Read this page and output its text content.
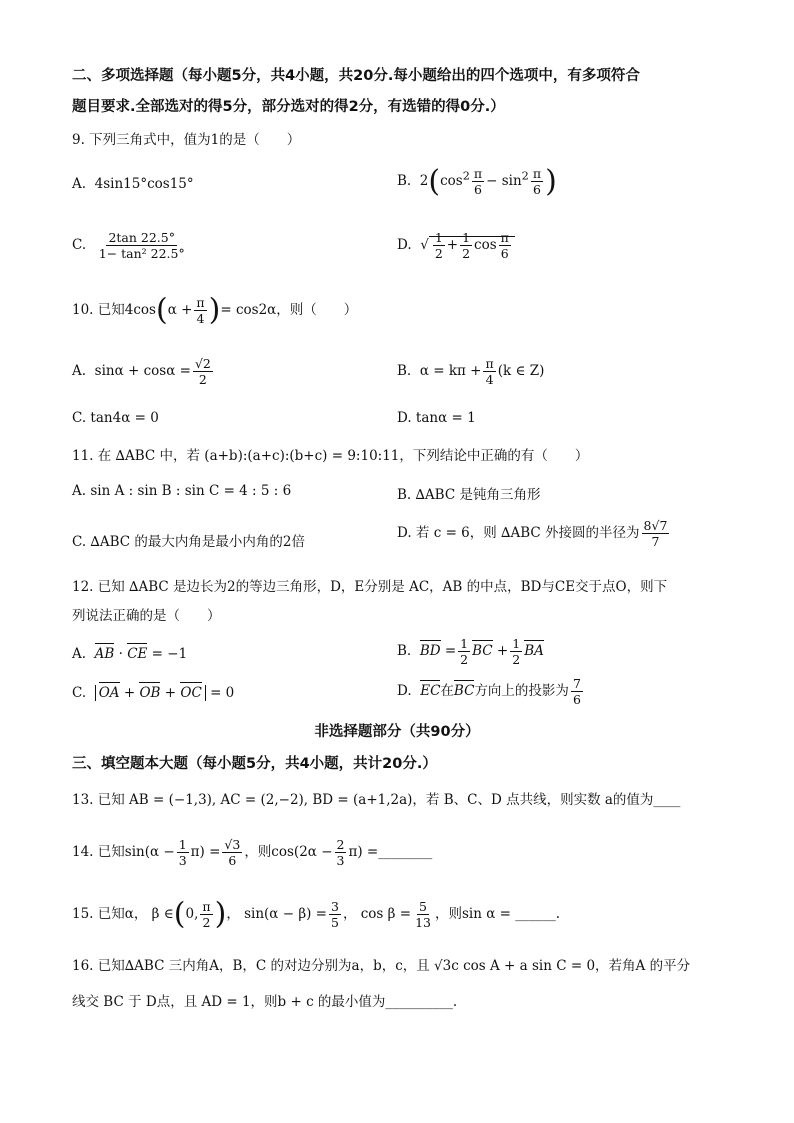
二、多项选择题（每小题5分，共4小题，共20分.每小题给出的四个选项中，有多项符合
题目要求.全部选对的得5分，部分选对的得2分，有选错的得0分.）
9. 下列三角式中，值为1的是（　　）
A. 4sin15°cos15°	B.  $2(\cos^2 \frac{\pi}{6} - \sin^2 \frac{\pi}{6}$ )
C. $\frac{2\tan 22.5^\circ}{\text{1− tan² 22.5°}}$	D.  √ $\frac{1}{2} + \frac{1}{2}$ $\cos \frac{\pi}{6}$
10. 已知$4\cos(\alpha + \frac{\pi}{4}$ )= cos2α，则（　　）
A. $\sin\alpha + \cos\alpha = \frac{√2}{2}$	B. $\alpha = k\pi + \frac{\pi}{4} (k$ ∈ Z)
C. tan4α = 0	D. tanα = 1
11. 在 ∆ABC 中，若 (a+b):(a+c):(b+c) = 9:10:11，下列结论中正确的有（　　）
A. sin A : sin B : sin C = 4 : 5 : 6	B. ∆ABC 是钝角三角形
C. ∆ABC 的最大内角是最小内角的2倍
D. 若 c = 6，则 ∆ABC 外接圆的半径为 $\frac{8√7}{7}$
12. 已知 ∆ABC 是边长为2的等边三角形，D，E分别是 AC，AB 的中点，BD与CE交于点O，则下
列说法正确的是（　　）
A. AB · CE = −1	B. BD = $\frac{1}{2}$ BC + $\frac{1}{2}$ BA
C. OA + OB + OC = 0	D. EC在BC方向上的投影为 $\frac{7}{6}$
非选择题部分（共90分）
三、填空题本大题（每小题5分，共4小题，共计20分.）
13. 已知 AB = (−1,3), AC = (2,−2), BD = (a+1,2a)，若 B、C、D 点共线，则实数 a的值为____
14. 已知$\sin(\alpha - \frac{1}{3} \pi) = \frac{√3}{6}$ ，则$\cos(2\alpha - \frac{2}{3} \pi)$ =________
15. 已知α， β ∈(0, $\frac{\pi}{2}$ )， $\sin(\alpha - \beta) = \frac{3}{5}$ ， $\cos \beta = \frac{5}{13}$ ，则sin α = ______.
16. 已知∆ABC 三内角A，B，C 的对边分别为a，b，c，且 √3c cos A + a sin C = 0，若角A 的平分
线交 BC 于 D点，且 AD = 1，则b + c 的最小值为__________.
